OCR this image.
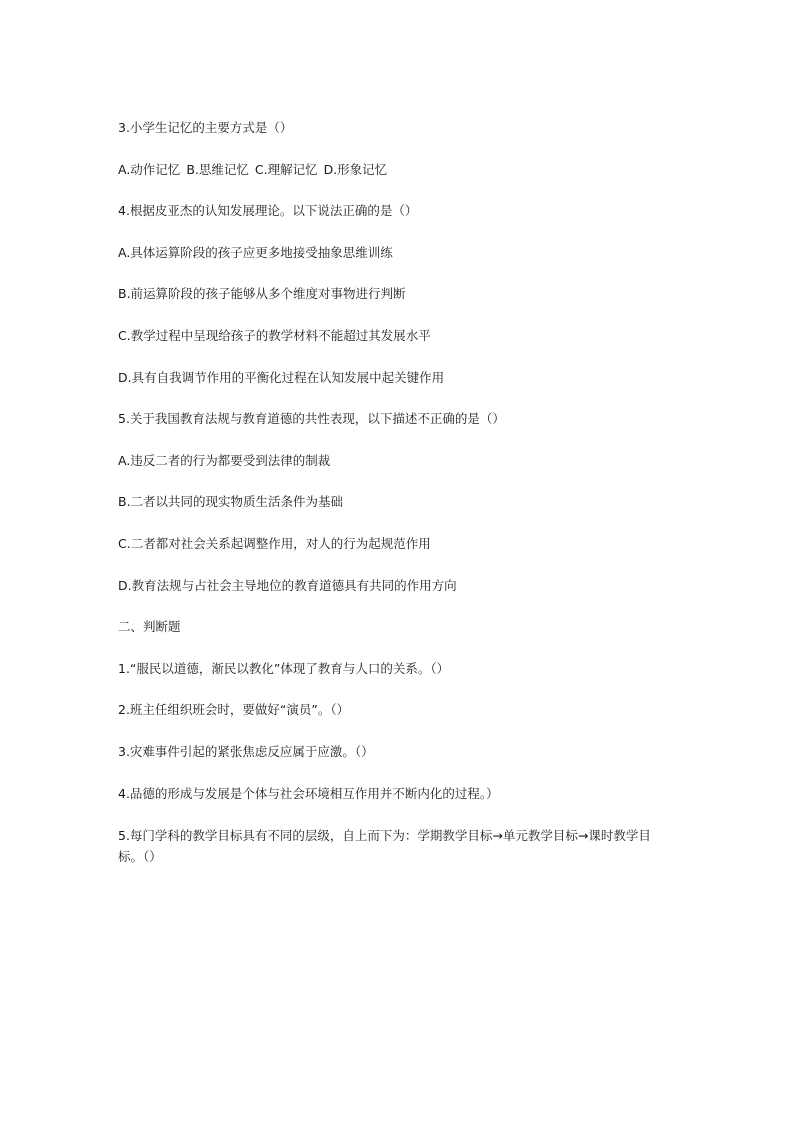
3.小学生记忆的主要方式是（）
A.动作记忆 B.思维记忆 C.理解记忆 D.形象记忆
4.根据皮亚杰的认知发展理论。以下说法正确的是（）
A.具体运算阶段的孩子应更多地接受抽象思维训练
B.前运算阶段的孩子能够从多个维度对事物进行判断
C.教学过程中呈现给孩子的教学材料不能超过其发展水平
D.具有自我调节作用的平衡化过程在认知发展中起关键作用
5.关于我国教育法规与教育道德的共性表现，以下描述不正确的是（）
A.违反二者的行为都要受到法律的制裁
B.二者以共同的现实物质生活条件为基础
C.二者都对社会关系起调整作用，对人的行为起规范作用
D.教育法规与占社会主导地位的教育道德具有共同的作用方向
二、判断题
1.“服民以道德，渐民以教化”体现了教育与人口的关系。（）
2.班主任组织班会时，要做好“演员”。（）
3.灾难事件引起的紧张焦虑反应属于应激。（）
4.品德的形成与发展是个体与社会环境相互作用并不断内化的过程。）
5.每门学科的教学目标具有不同的层级，自上而下为：学期教学目标→单元教学目标→课时教学目标。（）
